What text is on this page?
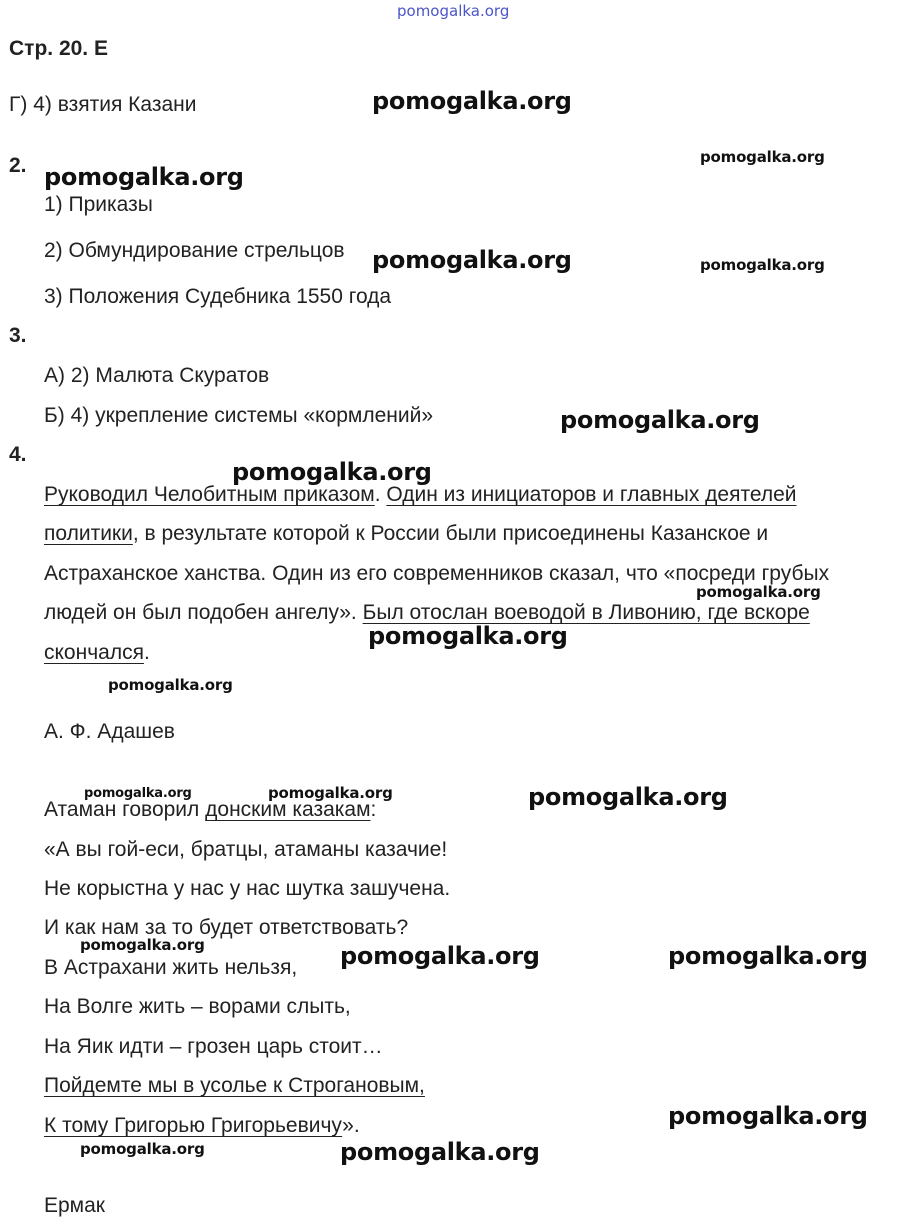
pomogalka.org
Стр. 20. Е
Г) 4) взятия Казани
2.
1) Приказы
2) Обмундирование стрельцов
3) Положения Судебника 1550 года
3.
А) 2) Малюта Скуратов
Б) 4) укрепление системы «кормлений»
4.
Руководил Челобитным приказом. Один из инициаторов и главных деятелей
политики, в результате которой к России были присоединены Казанское и
Астраханское ханства. Один из его современников сказал, что «посреди грубых
людей он был подобен ангелу». Был отослан воеводой в Ливонию, где вскоре
скончался.
А. Ф. Адашев
Атаман говорил донским казакам:
«А вы гой-еси, братцы, атаманы казачие!
Не корыстна у нас у нас шутка зашучена.
И как нам за то будет ответствовать?
В Астрахани жить нельзя,
На Волге жить – ворами слыть,
На Яик идти – грозен царь стоит…
Пойдемте мы в усолье к Строгановым,
К тому Григорью Григорьевичу».
Ермак
pomogalka.org
pomogalka.org
pomogalka.org
pomogalka.org
pomogalka.org
pomogalka.org
pomogalka.org
pomogalka.org	pomogalka.org
pomogalka.org
pomogalka.org
pomogalka.org
pomogalka.org
pomogalka.org
pomogalka.org
pomogalka.org	pomogalka.org
pomogalka.org
pomogalka.org
